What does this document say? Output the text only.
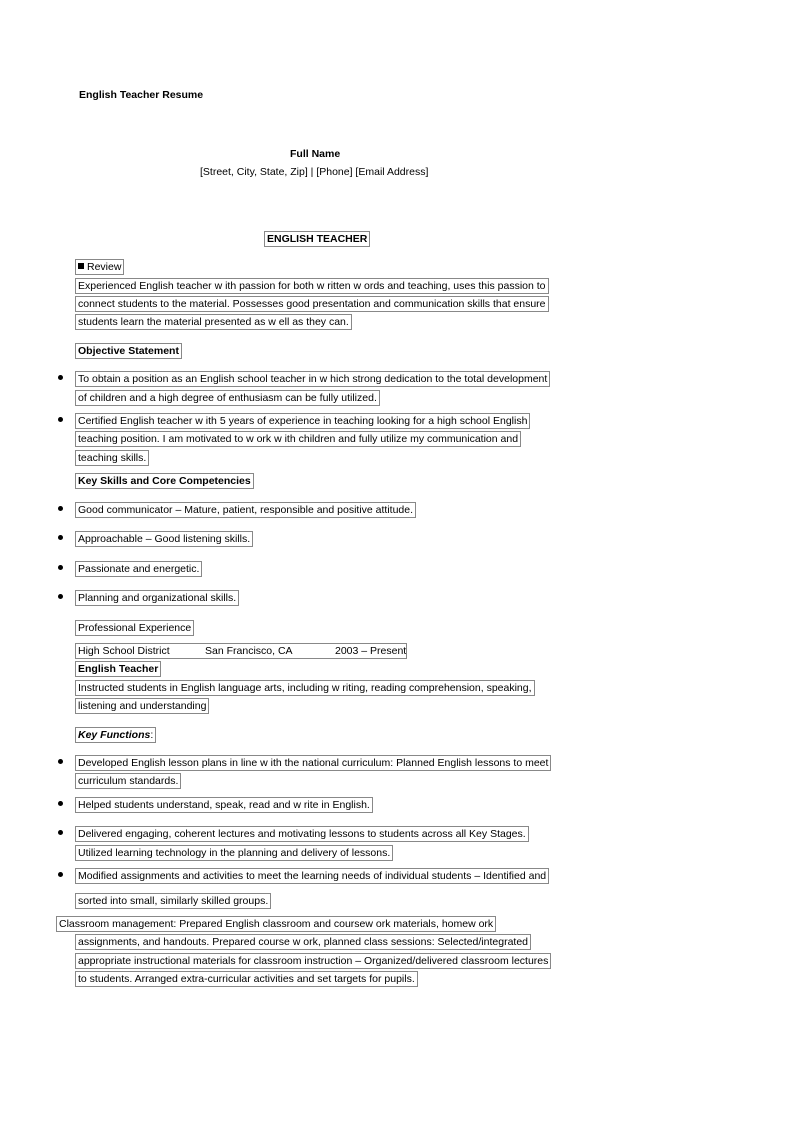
English Teacher Resume
Full Name
[Street, City, State, Zip] | [Phone] [Email Address]
ENGLISH TEACHER
Review
Experienced English teacher w ith passion for both w ritten w ords and teaching, uses this passion to
connect students to the material. Possesses good presentation and communication skills that ensure
students learn the material presented as w ell as they can.
Objective Statement
To obtain a position as an English school teacher in w hich strong dedication to the total development
of children and a high degree of enthusiasm can be fully utilized.
Certified English teacher w ith 5 years of experience in teaching looking for a high school English
teaching position. I am motivated to w ork w ith children and fully utilize my communication and
teaching skills.
Key Skills and Core Competencies
Good communicator – Mature, patient, responsible and positive attitude.
Approachable – Good listening skills.
Passionate and energetic.
Planning and organizational skills.
Professional Experience
High School District	San Francisco, CA	2003 – Present
English Teacher
Instructed students in English language arts, including w riting, reading comprehension, speaking,
listening and understanding
Key Functions:
Developed English lesson plans in line w ith the national curriculum: Planned English lessons to meet
curriculum standards.
Helped students understand, speak, read and w rite in English.
Delivered engaging, coherent lectures and motivating lessons to students across all Key Stages.
Utilized learning technology in the planning and delivery of lessons.
Modified assignments and activities to meet the learning needs of individual students – Identified and
sorted into small, similarly skilled groups.
Classroom management: Prepared English classroom and coursew ork materials, homew ork
assignments, and handouts. Prepared course w ork, planned class sessions: Selected/integrated
appropriate instructional materials for classroom instruction – Organized/delivered classroom lectures
to students. Arranged extra-curricular activities and set targets for pupils.
